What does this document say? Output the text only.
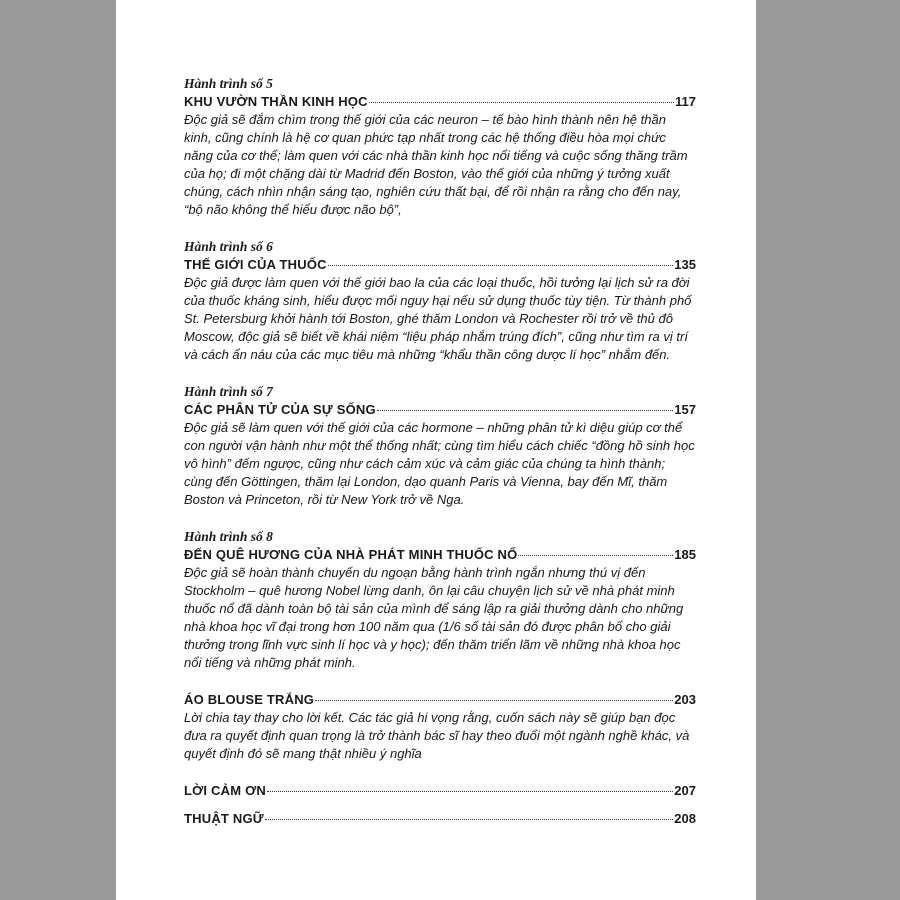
Hành trình số 5
KHU VƯỜN THẦN KINH HỌC	117

Độc giả sẽ đắm chìm trong thế giới của các neuron – tế bào hình thành nên hệ thần kinh, cũng chính là hệ cơ quan phức tạp nhất trong các hệ thống điều hòa mọi chức năng của cơ thể; làm quen với các nhà thần kinh học nổi tiếng và cuộc sống thăng trầm của họ; đi một chặng dài từ Madrid đến Boston, vào thế giới của những ý tưởng xuất chúng, cách nhìn nhận sáng tạo, nghiên cứu thất bại, để rồi nhận ra rằng cho đến nay, “bộ não không thể hiểu được não bộ”,

Hành trình số 6
THẾ GIỚI CỦA THUỐC	135

Độc giả được làm quen với thế giới bao la của các loại thuốc, hồi tưởng lại lịch sử ra đời của thuốc kháng sinh, hiểu được mối nguy hại nếu sử dụng thuốc tùy tiện. Từ thành phố St. Petersburg khởi hành tới Boston, ghé thăm London và Rochester rồi trở về thủ đô Moscow, độc giả sẽ biết về khái niệm “liệu pháp nhắm trúng đích”, cũng như tìm ra vị trí và cách ẩn náu của các mục tiêu mà những “khẩu thần công dược lí học” nhắm đến.

Hành trình số 7
CÁC PHÂN TỬ CỦA SỰ SỐNG	157

Độc giả sẽ làm quen với thế giới của các hormone – những phân tử kì diệu giúp cơ thể con người vận hành như một thể thống nhất; cùng tìm hiểu cách chiếc “đồng hồ sinh học vô hình” đếm ngược, cũng như cách cảm xúc và cảm giác của chúng ta hình thành; cùng đến Göttingen, thăm lại London, dạo quanh Paris và Vienna, bay đến Mĩ, thăm Boston và Princeton, rồi từ New York trở về Nga.

Hành trình số 8
ĐẾN QUÊ HƯƠNG CỦA NHÀ PHÁT MINH THUỐC NỔ	185

Độc giả sẽ hoàn thành chuyến du ngoạn bằng hành trình ngắn nhưng thú vị đến Stockholm – quê hương Nobel lừng danh, ôn lại câu chuyện lịch sử về nhà phát minh thuốc nổ đã dành toàn bộ tài sản của mình để sáng lập ra giải thưởng dành cho những nhà khoa học vĩ đại trong hơn 100 năm qua (1/6 số tài sản đó được phân bổ cho giải thưởng trong lĩnh vực sinh lí học và y học); đến thăm triển lãm về những nhà khoa học nổi tiếng và những phát minh.

ÁO BLOUSE TRẮNG	203

Lời chia tay thay cho lời kết. Các tác giả hi vọng rằng, cuốn sách này sẽ giúp bạn đọc đưa ra quyết định quan trọng là trở thành bác sĩ hay theo đuổi một ngành nghề khác, và quyết định đó sẽ mang thật nhiều ý nghĩa

LỜI CẢM ƠN	207
THUẬT NGỮ	208
